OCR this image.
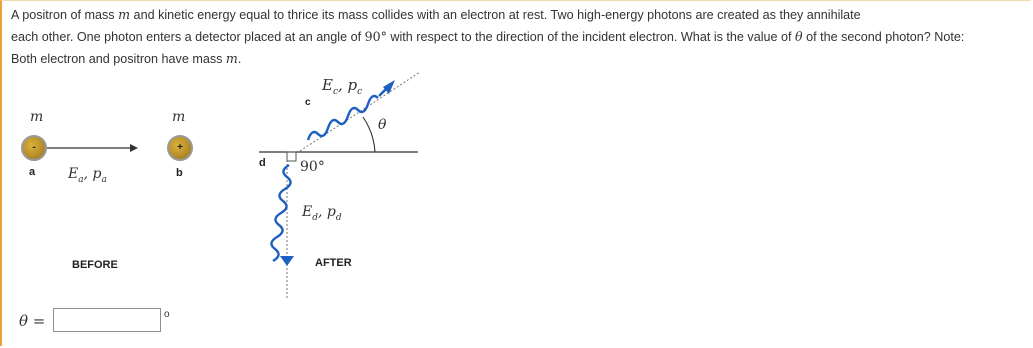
A positron of mass m and kinetic energy equal to thrice its mass collides with an electron at rest. Two high-energy photons are created as they annihilate
each other. One photon enters a detector placed at an angle of 90° with respect to the direction of the incident electron. What is the value of θ of the second photon? Note:
Both electron and positron have mass m.
m	m
-	+
a	b
$E_a$, $p_a$
BEFORE
c
d
$E_c$, $p_c$
θ
90°
$E_d$, $p_d$
AFTER
θ =	o
